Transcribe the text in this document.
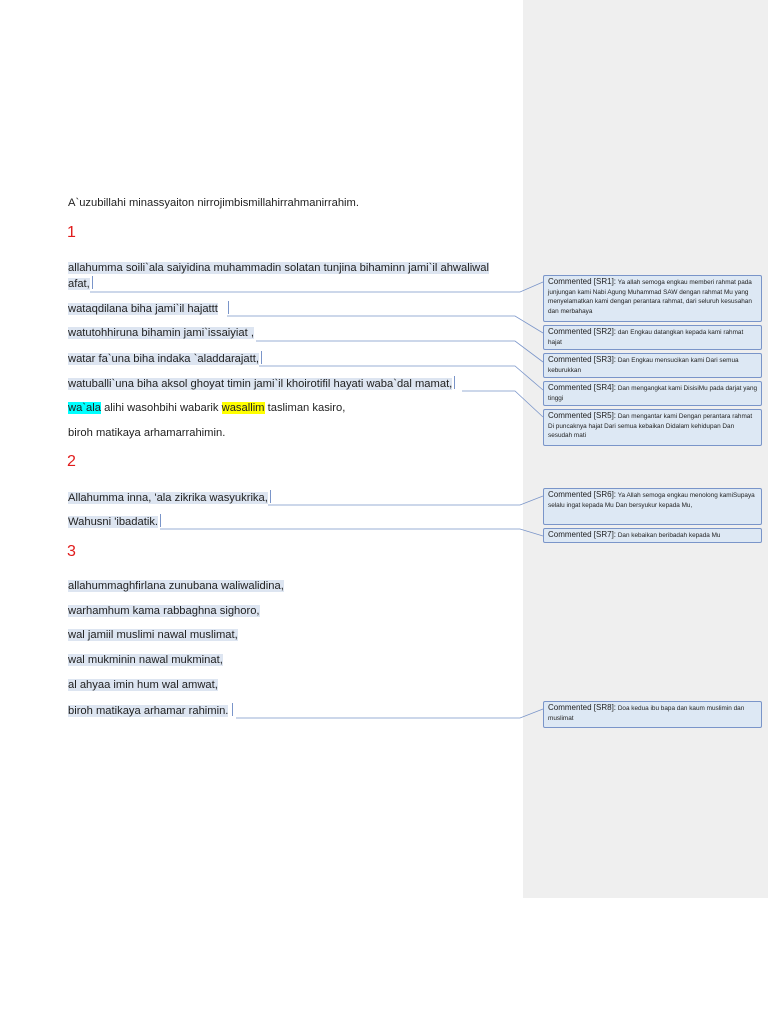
A`uzubillahi minassyaiton nirrojimbismillahirrahmanirrahim.
1
allahumma soili`ala saiyidina muhammadin solatan tunjina bihaminn jami`il ahwaliwal
afat,
wataqdilana biha jami`il hajattt
watutohhiruna bihamin jami`issaiyiat ,
watar fa`una biha indaka `aladdarajatt,
watuballi`una biha aksol ghoyat timin jami`il khoirotifil hayati waba`dal mamat,
wa`ala alihi wasohbihi wabarik wasallim tasliman kasiro,
biroh matikaya arhamarrahimin.
2
Allahumma inna, 'ala zikrika wasyukrika,
Wahusni 'ibadatik.
3
allahummaghfirlana zunubana waliwalidina,
warhamhum kama rabbaghna sighoro,
wal jamiil muslimi nawal muslimat,
wal mukminin nawal mukminat,
al ahyaa imin hum wal amwat,
biroh matikaya arhamar rahimin.
Commented [SR1]: Ya allah semoga engkau memberi rahmat pada junjungan kami Nabi Agung Muhammad SAW dengan rahmat Mu yang menyelamatkan kami dengan perantara rahmat, dari seluruh kesusahan dan merbahaya
Commented [SR2]: dan Engkau datangkan kepada kami rahmat hajat
Commented [SR3]: Dan Engkau mensucikan kami Dari semua keburukkan
Commented [SR4]: Dan mengangkat kami DisisiMu pada darjat yang tinggi
Commented [SR5]: Dan mengantar kami Dengan perantara rahmat Di puncaknya hajat Dari semua kebaikan Didalam kehidupan Dan sesudah mati
Commented [SR6]: Ya Allah semoga engkau menolong kamiSupaya selalu ingat kepada Mu Dan bersyukur kepada Mu,
Commented [SR7]: Dan kebaikan beribadah kepada Mu
Commented [SR8]: Doa kedua ibu bapa dan kaum muslimin dan muslimat
